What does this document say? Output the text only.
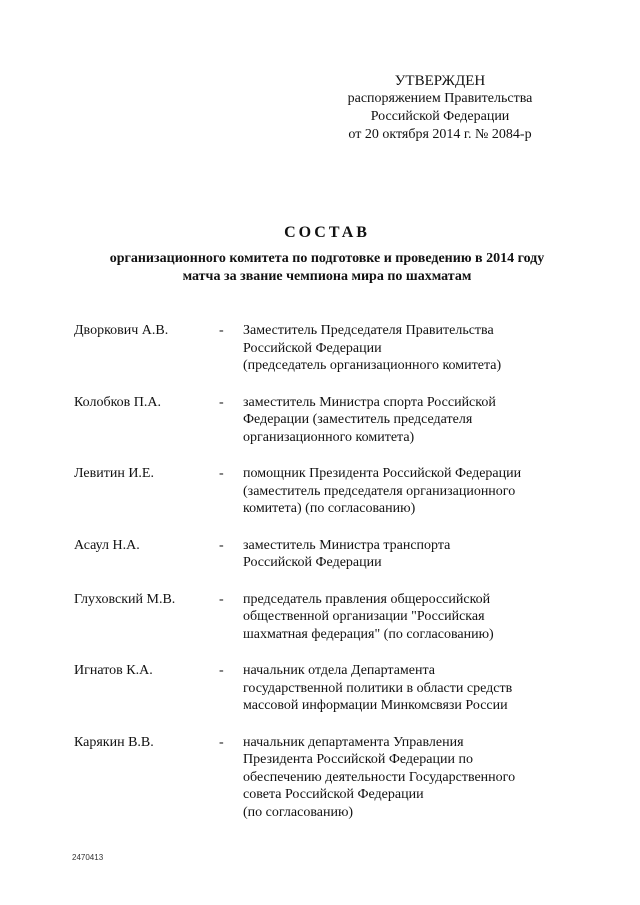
УТВЕРЖДЕН
распоряжением Правительства
Российской Федерации
от 20 октября 2014 г. № 2084-р
СОСТАВ
организационного комитета по подготовке и проведению в 2014 году
матча за звание чемпиона мира по шахматам
Дворкович А.В.	- Заместитель Председателя Правительства
Российской Федерации
(председатель организационного комитета)
Колобков П.А.	- заместитель Министра спорта Российской
Федерации (заместитель председателя
организационного комитета)
Левитин И.Е.	- помощник Президента Российской Федерации
(заместитель председателя организационного
комитета) (по согласованию)
Асаул Н.А.	- заместитель Министра транспорта
Российской Федерации
Глуховский М.В.	- председатель правления общероссийской
общественной организации "Российская
шахматная федерация" (по согласованию)
Игнатов К.А.	- начальник отдела Департамента
государственной политики в области средств
массовой информации Минкомсвязи России
Карякин В.В.	- начальник департамента Управления
Президента Российской Федерации по
обеспечению деятельности Государственного
совета Российской Федерации
(по согласованию)
2470413
